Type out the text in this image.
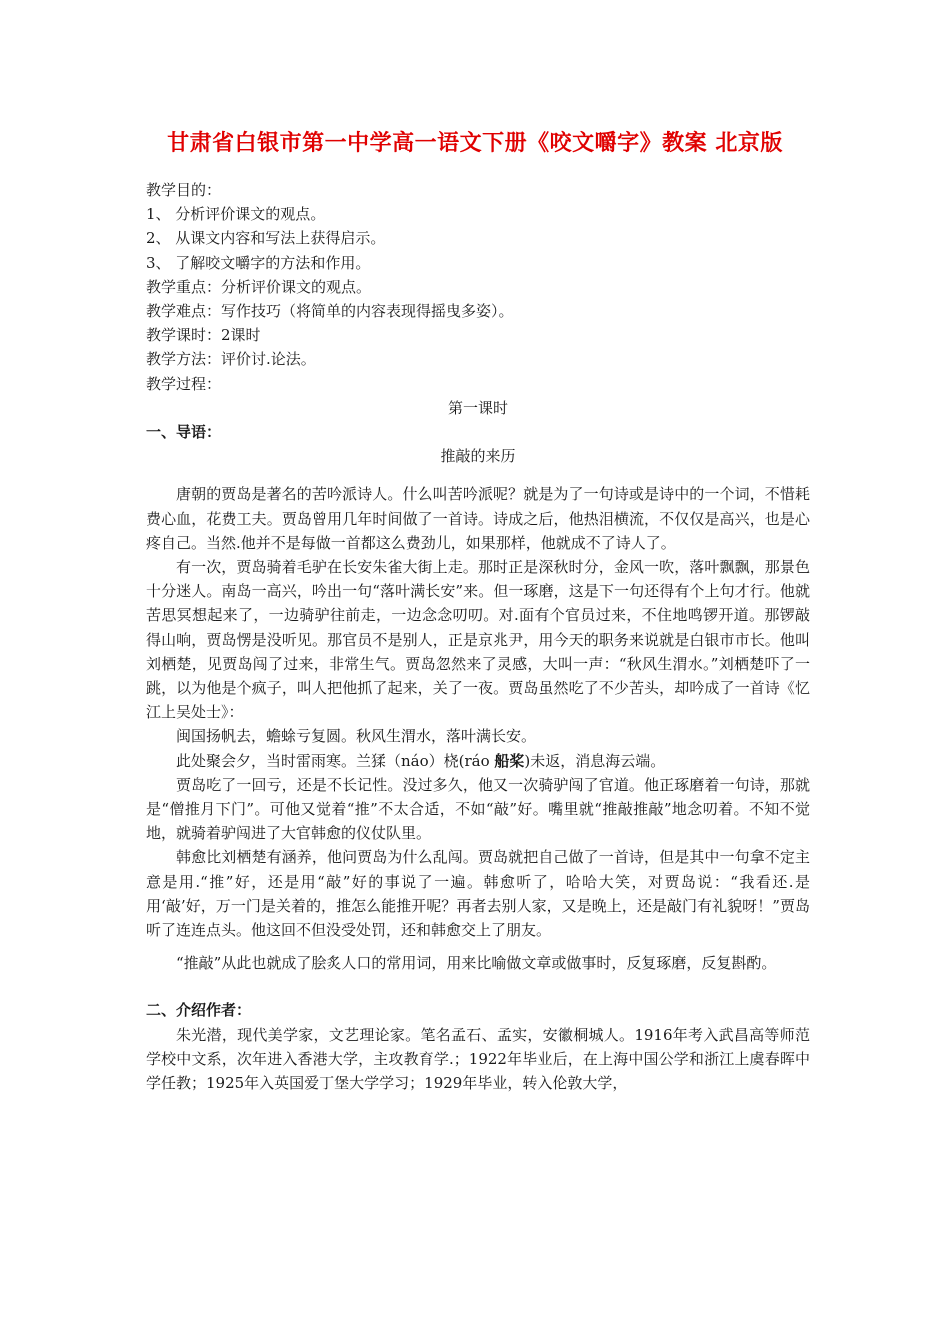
甘肃省白银市第一中学高一语文下册《咬文嚼字》教案 北京版
教学目的：
1、 分析评价课文的观点。
2、 从课文内容和写法上获得启示。
3、 了解咬文嚼字的方法和作用。
教学重点：分析评价课文的观点。
教学难点：写作技巧（将简单的内容表现得摇曳多姿）。
教学课时：2课时
教学方法：评价讨.论法。
教学过程：
第一课时
一、导语：
推敲的来历
唐朝的贾岛是著名的苦吟派诗人。什么叫苦吟派呢？就是为了一句诗或是诗中的一个词，不惜耗费心血，花费工夫。贾岛曾用几年时间做了一首诗。诗成之后，他热泪横流，不仅仅是高兴，也是心疼自己。当然.他并不是每做一首都这么费劲儿，如果那样，他就成不了诗人了。
有一次，贾岛骑着毛驴在长安朱雀大街上走。那时正是深秋时分，金风一吹，落叶飘飘，那景色十分迷人。南岛一高兴，吟出一句“落叶满长安”来。但一琢磨，这是下一句还得有个上句才行。他就苦思冥想起来了，一边骑驴往前走，一边念念叨叨。对.面有个官员过来，不住地鸣锣开道。那锣敲得山响，贾岛愣是没听见。那官员不是别人，正是京兆尹，用今天的职务来说就是白银市市长。他叫刘栖楚，见贾岛闯了过来，非常生气。贾岛忽然来了灵感，大叫一声：“秋风生渭水。”刘栖楚吓了一跳，以为他是个疯子，叫人把他抓了起来，关了一夜。贾岛虽然吃了不少苦头，却吟成了一首诗《忆江上吴处士》：
闽国扬帆去，蟾蜍亏复圆。秋风生渭水，落叶满长安。
此处聚会夕，当时雷雨寒。兰猱（náo）桡(ráo 船桨)未返，消息海云端。
贾岛吃了一回亏，还是不长记性。没过多久，他又一次骑驴闯了官道。他正琢磨着一句诗，那就是“僧推月下门”。可他又觉着“推”不太合适，不如“敲”好。嘴里就“推敲推敲”地念叨着。不知不觉地，就骑着驴闯进了大官韩愈的仪仗队里。
韩愈比刘栖楚有涵养，他问贾岛为什么乱闯。贾岛就把自己做了一首诗，但是其中一句拿不定主意是用.“推”好，还是用“敲”好的事说了一遍。韩愈听了，哈哈大笑，对贾岛说：“我看还.是用‘敲’好，万一门是关着的，推怎么能推开呢？再者去别人家，又是晚上，还是敲门有礼貌呀！”贾岛听了连连点头。他这回不但没受处罚，还和韩愈交上了朋友。
“推敲”从此也就成了脍炙人口的常用词，用来比喻做文章或做事时，反复琢磨，反复斟酌。
二、介绍作者：
朱光潜，现代美学家，文艺理论家。笔名孟石、孟实，安徽桐城人。1916年考入武昌高等师范学校中文系，次年进入香港大学，主攻教育学.；1922年毕业后，在上海中国公学和浙江上虞春晖中学任教；1925年入英国爱丁堡大学学习；1929年毕业，转入伦敦大学，
